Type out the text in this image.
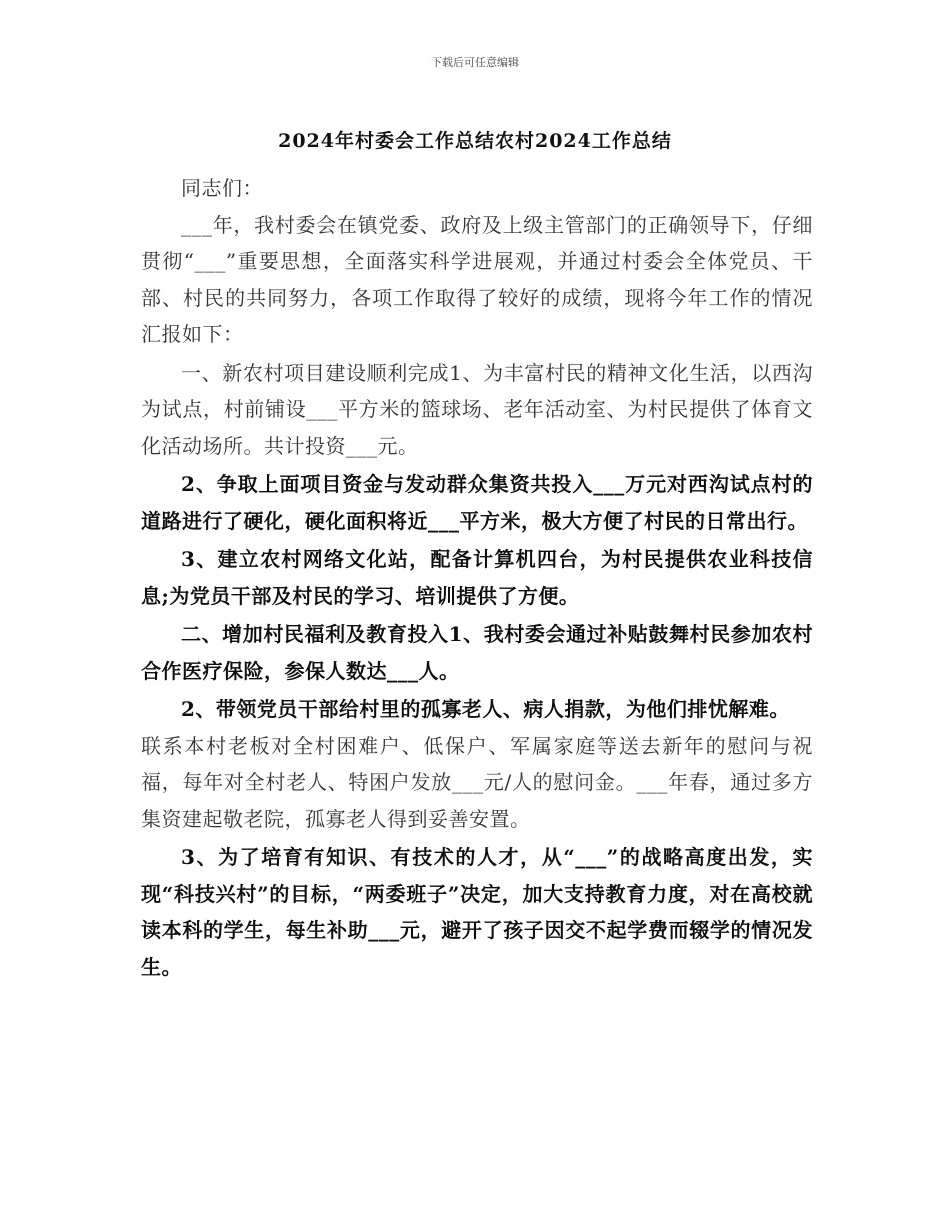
下载后可任意编辑
2024年村委会工作总结农村2024工作总结

同志们：

___年，我村委会在镇党委、政府及上级主管部门的正确领导下，仔细贯彻“___”重要思想，全面落实科学进展观，并通过村委会全体党员、干部、村民的共同努力，各项工作取得了较好的成绩，现将今年工作的情况汇报如下：

一、新农村项目建设顺利完成1、为丰富村民的精神文化生活，以西沟为试点，村前铺设___平方米的篮球场、老年活动室、为村民提供了体育文化活动场所。共计投资___元。

2、争取上面项目资金与发动群众集资共投入___万元对西沟试点村的道路进行了硬化，硬化面积将近___平方米，极大方便了村民的日常出行。

3、建立农村网络文化站，配备计算机四台，为村民提供农业科技信息;为党员干部及村民的学习、培训提供了方便。

二、增加村民福利及教育投入1、我村委会通过补贴鼓舞村民参加农村合作医疗保险，参保人数达___人。

2、带领党员干部给村里的孤寡老人、病人捐款，为他们排忧解难。

联系本村老板对全村困难户、低保户、军属家庭等送去新年的慰问与祝福，每年对全村老人、特困户发放___元/人的慰问金。___年春，通过多方集资建起敬老院，孤寡老人得到妥善安置。

3、为了培育有知识、有技术的人才，从“___”的战略高度出发，实现“科技兴村”的目标，“两委班子”决定，加大支持教育力度，对在高校就读本科的学生，每生补助___元，避开了孩子因交不起学费而辍学的情况发生。
